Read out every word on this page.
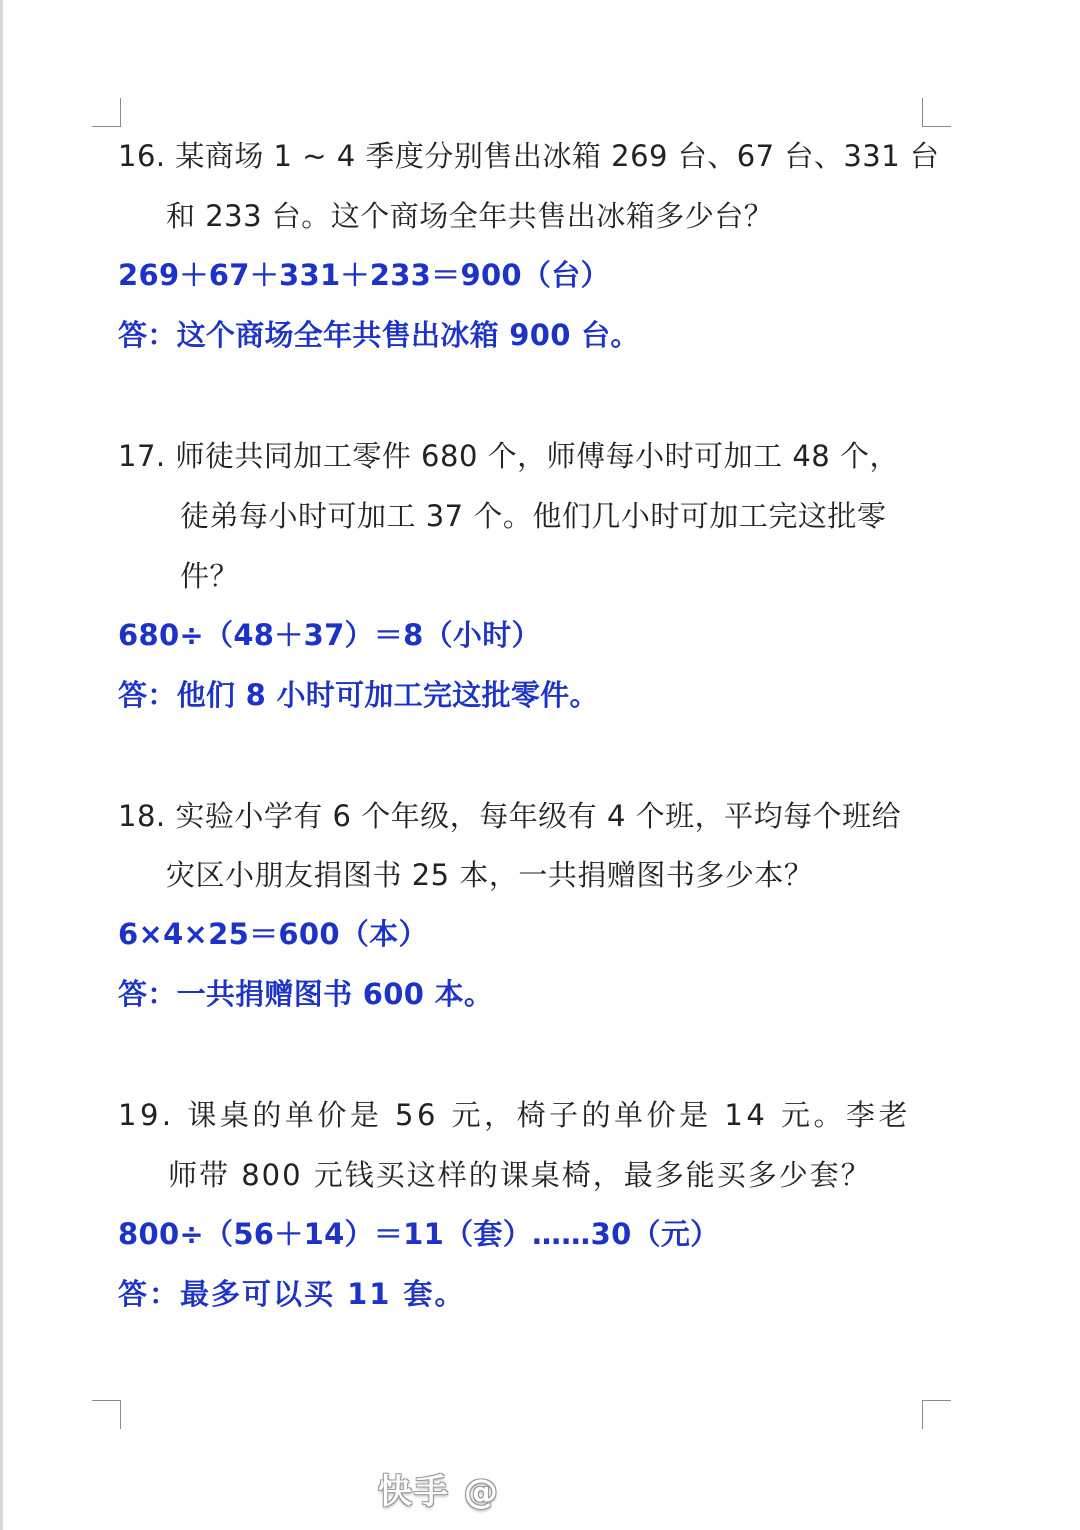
16. 某商场 1 ~ 4 季度分别售出冰箱 269 台、67 台、331 台

和 233 台。这个商场全年共售出冰箱多少台？

269＋67＋331＋233＝900（台）

答：这个商场全年共售出冰箱 900 台。

17. 师徒共同加工零件 680 个，师傅每小时可加工 48 个，

徒弟每小时可加工 37 个。他们几小时可加工完这批零

件？

680÷（48＋37）＝8（小时）

答：他们 8 小时可加工完这批零件。

18. 实验小学有 6 个年级，每年级有 4 个班，平均每个班给

灾区小朋友捐图书 25 本，一共捐赠图书多少本？

6×4×25＝600（本）

答：一共捐赠图书 600 本。

19. 课桌的单价是 56 元，椅子的单价是 14 元。李老

师带 800 元钱买这样的课桌椅，最多能买多少套？

800÷（56＋14）＝11（套）……30（元）

答：最多可以买 11 套。

快手 @
